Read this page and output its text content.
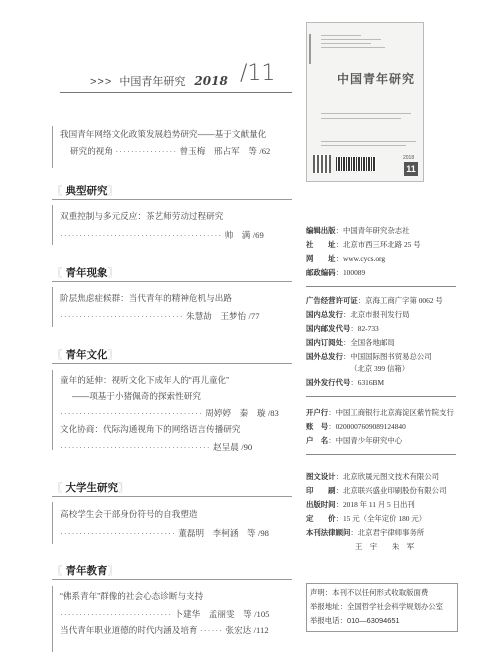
>>> 中国青年研究 2018 /11
我国青年网络文化政策发展趋势研究——基于文献量化
研究的视角 ················ 曾玉梅　邢占军　等 /62
〖 典型研究〗
双重控制与多元反应：茶艺师劳动过程研究
·········································· 帅　满 /69
〖 青年现象〗
阶层焦虑症候群：当代青年的精神危机与出路
································ 朱慧劼　王梦怡 /77
〖 青年文化〗
童年的延伸：视听文化下成年人的“再儿童化”
——项基于小猪佩奇的探索性研究
····································· 周婷婷　秦　璇 /83
文化协商：代际沟通视角下的网络语言传播研究
······································· 赵呈晨 /90
〖 大学生研究〗
高校学生会干部身份符号的自我塑造
······························ 董磊明　李柯涵　等 /98
〖 青年教育〗
“佛系青年”群像的社会心态诊断与支持
····························· 卜建华　孟丽雯　等 /105
当代青年职业道德的时代内涵及培育 ······ 张宏达 /112
中国青年研究
2018
11
编辑出版：中国青年研究杂志社
社　　址：北京市西三环北路 25 号
网　　址：www.cycs.org
邮政编码：100089
广告经营许可证：京海工商广字第 0062 号
国内总发行：北京市报刊发行局
国内邮发代号：82-733
国内订阅处：全国各地邮局
国外总发行：中国国际图书贸易总公司
（北京 399 信箱）
国外发行代号：6316BM
开户行：中国工商银行北京海淀区紫竹院支行
账　号：0200007609089124840
户　名：中国青少年研究中心
图文设计：北京欣晟元图文技术有限公司
印　　刷：北京联兴盛业印刷股份有限公司
出版时间：2018 年 11 月 5 日出刊
定　　价：15 元（全年定价 180 元）
本刊法律顾问：北京君宇律师事务所
王　宇　　朱　军
声明：本刊不以任何形式收取版面费
举报地址：全国哲学社会科学规划办公室
举报电话：010—63094651
